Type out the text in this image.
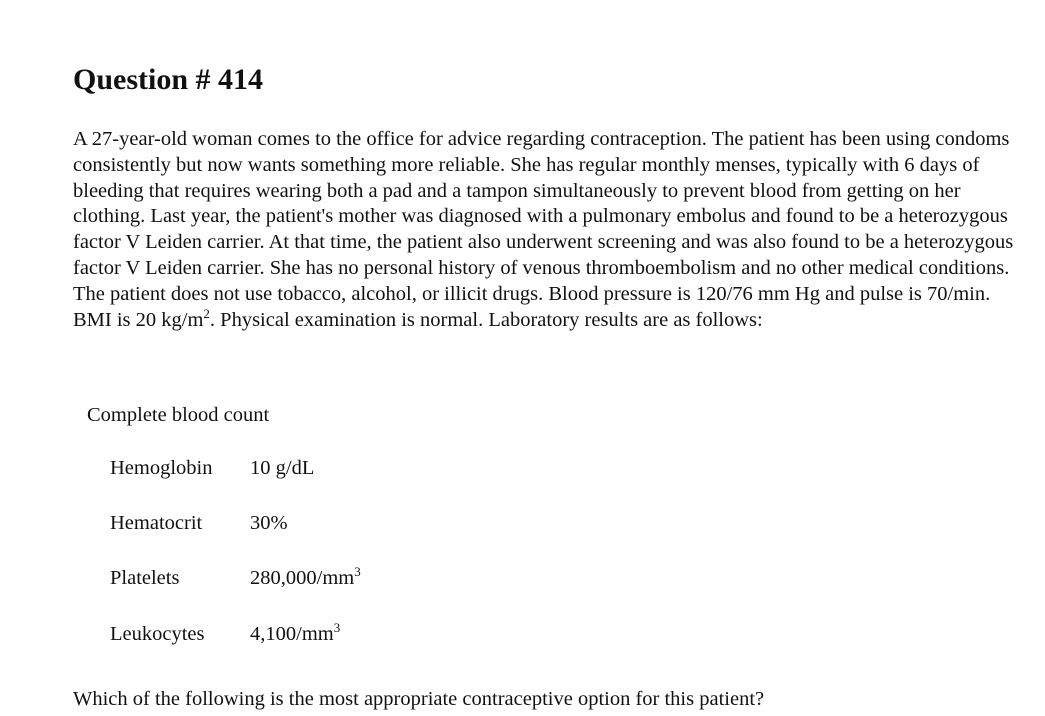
Question # 414

A 27-year-old woman comes to the office for advice regarding contraception. The patient has been using condoms consistently but now wants something more reliable. She has regular monthly menses, typically with 6 days of bleeding that requires wearing both a pad and a tampon simultaneously to prevent blood from getting on her clothing. Last year, the patient's mother was diagnosed with a pulmonary embolus and found to be a heterozygous factor V Leiden carrier. At that time, the patient also underwent screening and was also found to be a heterozygous factor V Leiden carrier. She has no personal history of venous thromboembolism and no other medical conditions. The patient does not use tobacco, alcohol, or illicit drugs. Blood pressure is 120/76 mm Hg and pulse is 70/min. BMI is 20 $kg/m^2$. Physical examination is normal. Laboratory results are as follows:

Complete blood count
Hemoglobin 10 g/dL
Hematocrit 30%
Platelets	$280,000/mm^3$
Leukocytes $4,100/mm^3$
Which of the following is the most appropriate contraceptive option for this patient?
